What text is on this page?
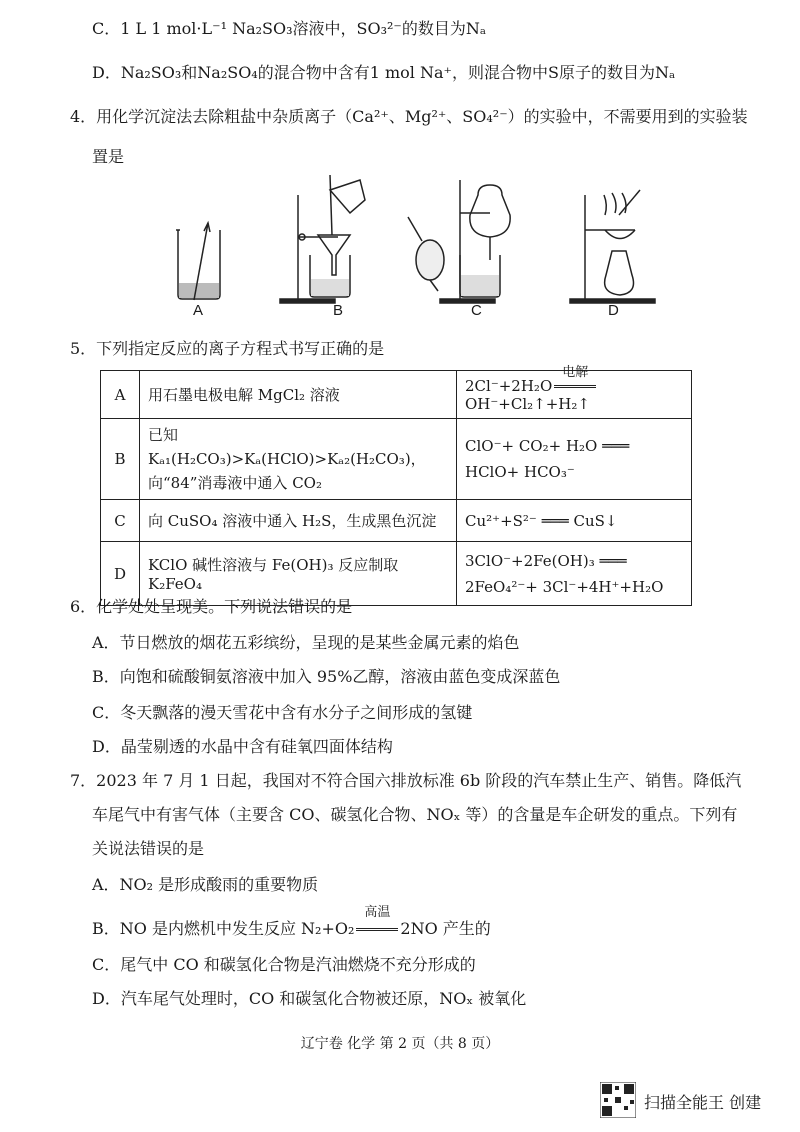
C．1 L 1 mol·L⁻¹ Na₂SO₃溶液中，SO₃²⁻的数目为Nₐ
D．Na₂SO₃和Na₂SO₄的混合物中含有1 mol Na⁺，则混合物中S原子的数目为Nₐ
4．用化学沉淀法去除粗盐中杂质离子（Ca²⁺、Mg²⁺、SO₄²⁻）的实验中，不需要用到的实验装
置是
A	B	C	D
5．下列指定反应的离子方程式书写正确的是
A	用石墨电极电解 MgCl₂ 溶液	2Cl⁻+2H₂O
电解
OH⁻+Cl₂↑+H₂↑
B	已知 Kₐ₁(H₂CO₃)>Kₐ(HClO)>Kₐ₂(H₂CO₃)，向“84”消毒液中通入 CO₂	ClO⁻+ CO₂+ H₂O ═══ HClO+ HCO₃⁻
C	向 CuSO₄ 溶液中通入 H₂S，生成黑色沉淀	Cu²⁺+S²⁻ ═══ CuS↓
D	KClO 碱性溶液与 Fe(OH)₃ 反应制取 K₂FeO₄	3ClO⁻+2Fe(OH)₃ ═══ 2FeO₄²⁻+ 3Cl⁻+4H⁺+H₂O
6．化学处处呈现美。下列说法错误的是
A．节日燃放的烟花五彩缤纷，呈现的是某些金属元素的焰色
B．向饱和硫酸铜氨溶液中加入 95%乙醇，溶液由蓝色变成深蓝色
C．冬天飘落的漫天雪花中含有水分子之间形成的氢键
D．晶莹剔透的水晶中含有硅氧四面体结构
7．2023 年 7 月 1 日起，我国对不符合国六排放标准 6b 阶段的汽车禁止生产、销售。降低汽
车尾气中有害气体（主要含 CO、碳氢化合物、NOₓ 等）的含量是车企研发的重点。下列有
关说法错误的是
A．NO₂ 是形成酸雨的重要物质
B．NO 是内燃机中发生反应 N₂+O₂
高温
2NO 产生的
C．尾气中 CO 和碳氢化合物是汽油燃烧不充分形成的
D．汽车尾气处理时，CO 和碳氢化合物被还原，NOₓ 被氧化
辽宁卷 化学 第 2 页（共 8 页）
扫描全能王 创建
